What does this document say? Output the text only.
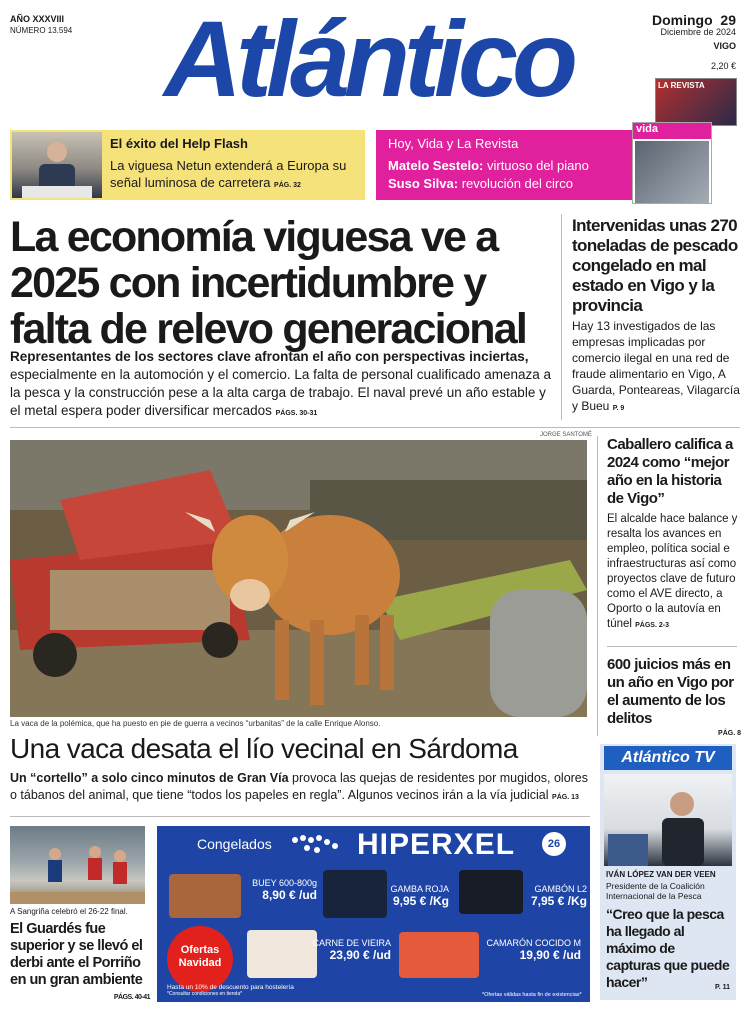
AÑO XXXVIII
NÚMERO 13.594 Atlántico	Domingo 29
Diciembre de 2024
VIGO
2,20 €
LA REVISTA
El éxito del Help Flash
La viguesa Netun extenderá a Europa su señal luminosa de carretera PÁG. 32
Hoy, Vida y La Revista
Matelo Sestelo: virtuoso del piano
Suso Silva: revolución del circo
vida
La economía viguesa ve a 2025 con incertidumbre y falta de relevo generacional
Representantes de los sectores clave afrontan el año con perspectivas inciertas, especialmente en la automoción y el comercio. La falta de personal cualificado amenaza a la pesca y la construcción pese a la alta carga de trabajo. El naval prevé un año estable y el metal espera poder diversificar mercados PÁGS. 30-31
Intervenidas unas 270 toneladas de pescado congelado en mal estado en Vigo y la provincia
Hay 13 investigados de las empresas implicadas por comercio ilegal en una red de fraude alimentario en Vigo, A Guarda, Ponteareas, Vilagarcía y Bueu P. 9
JORGE SANTOMÉ
La vaca de la polémica, que ha puesto en pie de guerra a vecinos “urbanitas” de la calle Enrique Alonso.
Caballero califica a 2024 como “mejor año en la historia de Vigo”
El alcalde hace balance y resalta los avances en empleo, política social e infraestructuras así como proyectos clave de futuro como el AVE directo, a Oporto o la autovía en túnel PÁGS. 2-3
600 juicios más en un año en Vigo por el aumento de los delitos
PÁG. 8
Una vaca desata el lío vecinal en Sárdoma
Un “cortello” a solo cinco minutos de Gran Vía provoca las quejas de residentes por mugidos, olores o tábanos del animal, que tiene “todos los papeles en regla”. Algunos vecinos irán a la vía judicial PÁG. 13
A Sangriña celebró el 26-22 final.
El Guardés fue superior y se llevó el derbi ante el Porriño en un gran ambiente
PÁGS. 40-41
Congelados	HIPERXEL	26
BUEY 600-800g
8,90 € /ud	GAMBA ROJA
9,95 € /Kg
GAMBÓN L2
7,95 € /Kg
Ofertas Navidad
CARNE DE VIEIRA
23,90 € /ud
CAMARÓN COCIDO M
19,90 € /ud
Hasta un 10% de descuento para hostelería
*Consultar condiciones en tienda*	*Ofertas válidas hasta fin de existencias*
Atlántico TV
IVÁN LÓPEZ VAN DER VEEN
Presidente de la Coalición Internacional de la Pesca
“Creo que la pesca ha llegado al máximo de capturas que puede hacer”	P. 11
